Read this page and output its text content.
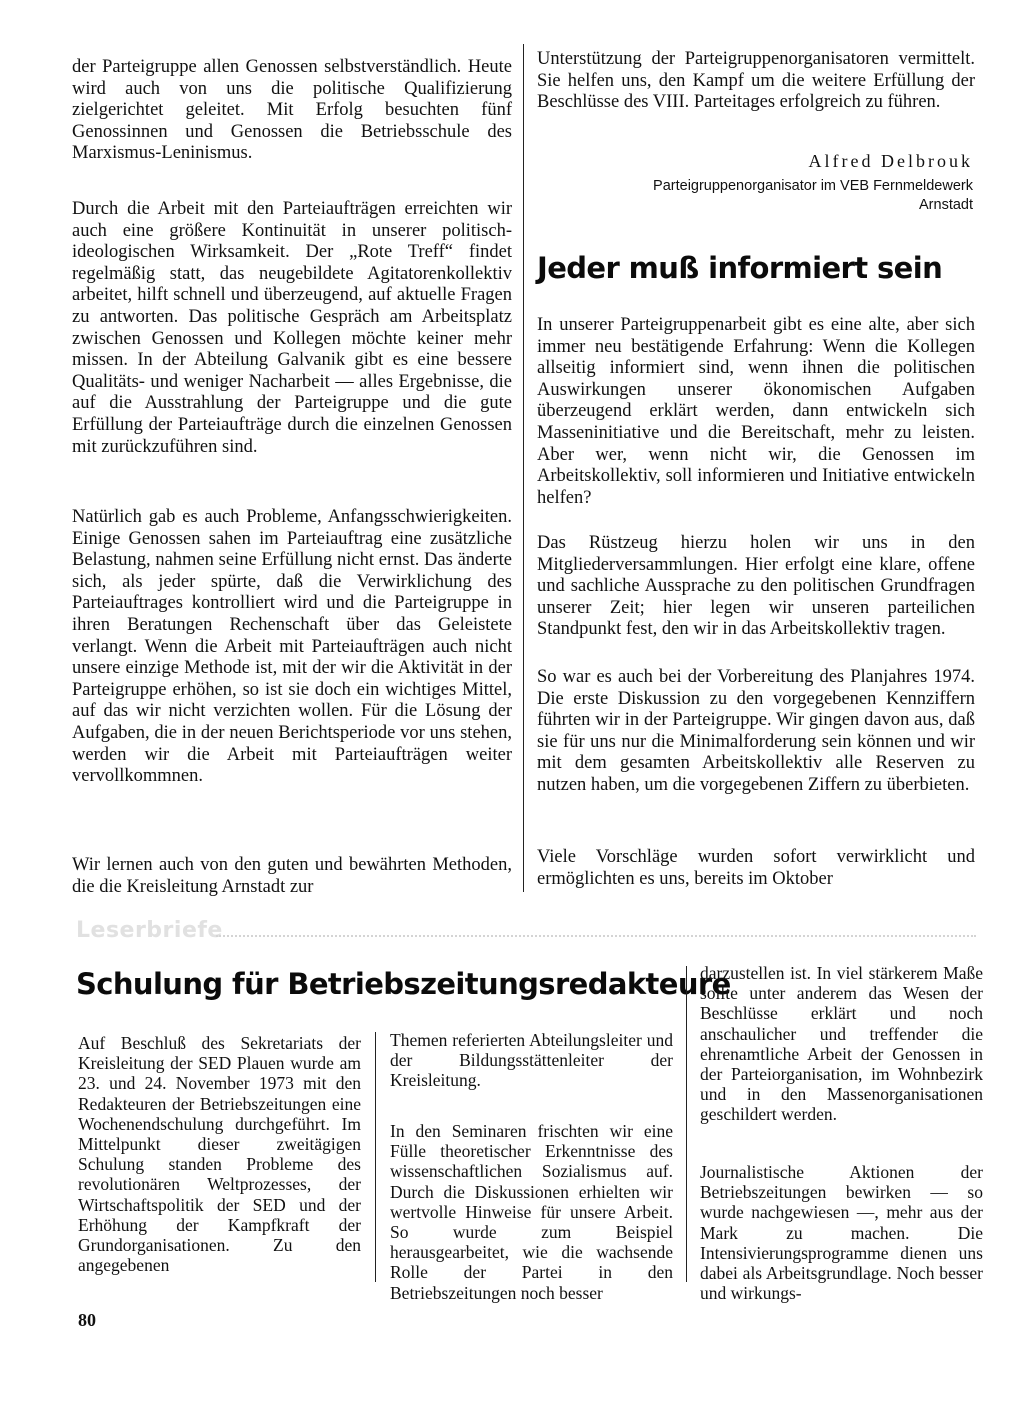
der Parteigruppe allen Genossen selbstverständlich. Heute wird auch von uns die politische Qualifizierung zielgerichtet geleitet. Mit Erfolg besuchten fünf Genossinnen und Genossen die Betriebsschule des Marxismus-Leninismus.

Durch die Arbeit mit den Parteiaufträgen erreichten wir auch eine größere Kontinuität in unserer politisch-ideologischen Wirksamkeit. Der „Rote Treff“ findet regelmäßig statt, das neugebildete Agitatorenkollektiv arbeitet, hilft schnell und überzeugend, auf aktuelle Fragen zu antworten. Das politische Gespräch am Arbeitsplatz zwischen Genossen und Kollegen möchte keiner mehr missen. In der Abteilung Galvanik gibt es eine bessere Qualitäts- und weniger Nacharbeit — alles Ergebnisse, die auf die Ausstrahlung der Parteigruppe und die gute Erfüllung der Parteiaufträge durch die einzelnen Genossen mit zurückzuführen sind.

Natürlich gab es auch Probleme, Anfangsschwierigkeiten. Einige Genossen sahen im Parteiauftrag eine zusätzliche Belastung, nahmen seine Erfüllung nicht ernst. Das änderte sich, als jeder spürte, daß die Verwirklichung des Parteiauftrages kontrolliert wird und die Parteigruppe in ihren Beratungen Rechenschaft über das Geleistete verlangt. Wenn die Arbeit mit Parteiaufträgen auch nicht unsere einzige Methode ist, mit der wir die Aktivität in der Parteigruppe erhöhen, so ist sie doch ein wichtiges Mittel, auf das wir nicht verzichten wollen. Für die Lösung der Aufgaben, die in der neuen Berichtsperiode vor uns stehen, werden wir die Arbeit mit Parteiaufträgen weiter vervollkommnen.

Wir lernen auch von den guten und bewährten Methoden, die die Kreisleitung Arnstadt zur

Unterstützung der Parteigruppenorganisatoren vermittelt. Sie helfen uns, den Kampf um die weitere Erfüllung der Beschlüsse des VIII. Parteitages erfolgreich zu führen.

Alfred Delbrouk
Parteigruppenorganisator im VEB Fernmeldewerk
Arnstadt
Jeder muß informiert sein

In unserer Parteigruppenarbeit gibt es eine alte, aber sich immer neu bestätigende Erfahrung: Wenn die Kollegen allseitig informiert sind, wenn ihnen die politischen Auswirkungen unserer ökonomischen Aufgaben überzeugend erklärt werden, dann entwickeln sich Masseninitiative und die Bereitschaft, mehr zu leisten. Aber wer, wenn nicht wir, die Genossen im Arbeitskollektiv, soll informieren und Initiative entwickeln helfen?

Das Rüstzeug hierzu holen wir uns in den Mitgliederversammlungen. Hier erfolgt eine klare, offene und sachliche Aussprache zu den politischen Grundfragen unserer Zeit; hier legen wir unseren parteilichen Standpunkt fest, den wir in das Arbeitskollektiv tragen.

So war es auch bei der Vorbereitung des Planjahres 1974. Die erste Diskussion zu den vorgegebenen Kennziffern führten wir in der Parteigruppe. Wir gingen davon aus, daß sie für uns nur die Minimalforderung sein können und wir mit dem gesamten Arbeitskollektiv alle Reserven zu nutzen haben, um die vorgegebenen Ziffern zu überbieten.

Viele Vorschläge wurden sofort verwirklicht und ermöglichten es uns, bereits im Oktober

Leserbriefe
Schulung für Betriebszeitungsredakteure

Auf Beschluß des Sekretariats der Kreisleitung der SED Plauen wurde am 23. und 24. November 1973 mit den Redakteuren der Betriebszeitungen eine Wochenendschulung durchgeführt. Im Mittelpunkt dieser zweitägigen Schulung standen Probleme des revolutionären Weltprozesses, der Wirtschaftspolitik der SED und der Erhöhung der Kampfkraft der Grundorganisationen. Zu den angegebenen

Themen referierten Abteilungsleiter und der Bildungsstättenleiter der Kreisleitung.

In den Seminaren frischten wir eine Fülle theoretischer Erkenntnisse des wissenschaftlichen Sozialismus auf. Durch die Diskussionen erhielten wir wertvolle Hinweise für unsere Arbeit. So wurde zum Beispiel herausgearbeitet, wie die wachsende Rolle der Partei in den Betriebszeitungen noch besser

darzustellen ist. In viel stärkerem Maße sollte unter anderem das Wesen der Beschlüsse erklärt und noch anschaulicher und treffender die ehrenamtliche Arbeit der Genossen in der Parteiorganisation, im Wohnbezirk und in den Massenorganisationen geschildert werden.

Journalistische Aktionen der Betriebszeitungen bewirken — so wurde nachgewiesen —, mehr aus der Mark zu machen. Die Intensivierungsprogramme dienen uns dabei als Arbeitsgrundlage. Noch besser und wirkungs-

80
